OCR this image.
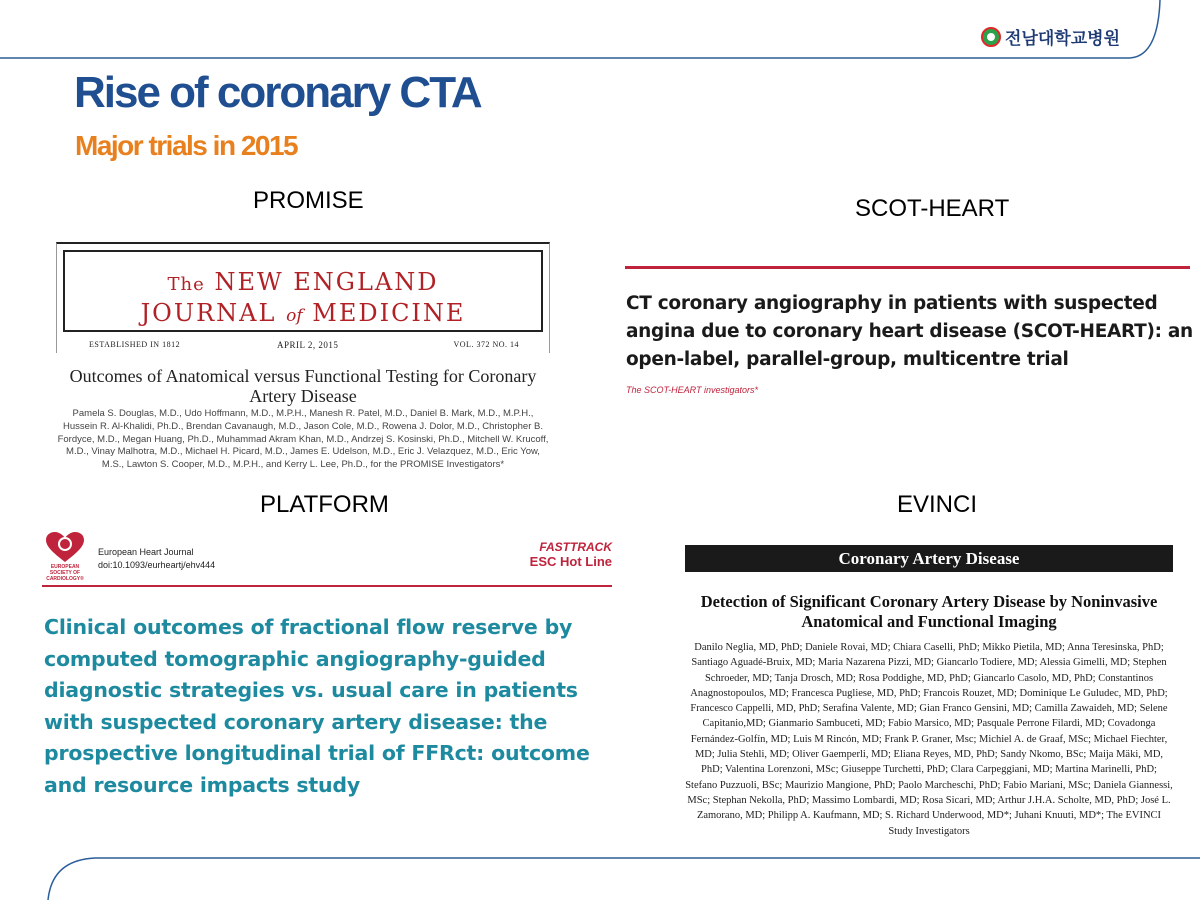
전남대학교병원
Rise of coronary CTA
Major trials in 2015
PROMISE	SCOT-HEART
PLATFORM	EVINCI
The NEW ENGLAND
JOURNAL of MEDICINE
ESTABLISHED IN 1812	APRIL 2, 2015	VOL. 372 NO. 14
Outcomes of Anatomical versus Functional Testing for Coronary Artery Disease
Pamela S. Douglas, M.D., Udo Hoffmann, M.D., M.P.H., Manesh R. Patel, M.D., Daniel B. Mark, M.D., M.P.H., Hussein R. Al-Khalidi, Ph.D., Brendan Cavanaugh, M.D., Jason Cole, M.D., Rowena J. Dolor, M.D., Christopher B. Fordyce, M.D., Megan Huang, Ph.D., Muhammad Akram Khan, M.D., Andrzej S. Kosinski, Ph.D., Mitchell W. Krucoff, M.D., Vinay Malhotra, M.D., Michael H. Picard, M.D., James E. Udelson, M.D., Eric J. Velazquez, M.D., Eric Yow, M.S., Lawton S. Cooper, M.D., M.P.H., and Kerry L. Lee, Ph.D., for the PROMISE Investigators*
CT coronary angiography in patients with suspected angina due to coronary heart disease (SCOT-HEART): an open-label, parallel-group, multicentre trial
The SCOT-HEART investigators*
EUROPEAN SOCIETY OF CARDIOLOGY®
European Heart Journal
doi:10.1093/eurheartj/ehv444
FASTTRACK
ESC Hot Line
Clinical outcomes of fractional flow reserve by computed tomographic angiography-guided diagnostic strategies vs. usual care in patients with suspected coronary artery disease: the prospective longitudinal trial of FFRct: outcome and resource impacts study
Coronary Artery Disease
Detection of Significant Coronary Artery Disease by Noninvasive Anatomical and Functional Imaging
Danilo Neglia, MD, PhD; Daniele Rovai, MD; Chiara Caselli, PhD; Mikko Pietila, MD; Anna Teresinska, PhD; Santiago Aguadé-Bruix, MD; Maria Nazarena Pizzi, MD; Giancarlo Todiere, MD; Alessia Gimelli, MD; Stephen Schroeder, MD; Tanja Drosch, MD; Rosa Poddighe, MD, PhD; Giancarlo Casolo, MD, PhD; Constantinos Anagnostopoulos, MD; Francesca Pugliese, MD, PhD; Francois Rouzet, MD; Dominique Le Guludec, MD, PhD; Francesco Cappelli, MD, PhD; Serafina Valente, MD; Gian Franco Gensini, MD; Camilla Zawaideh, MD; Selene Capitanio,MD; Gianmario Sambuceti, MD; Fabio Marsico, MD; Pasquale Perrone Filardi, MD; Covadonga Fernández-Golfín, MD; Luis M Rincón, MD; Frank P. Graner, Msc; Michiel A. de Graaf, MSc; Michael Fiechter, MD; Julia Stehli, MD; Oliver Gaemperli, MD; Eliana Reyes, MD, PhD; Sandy Nkomo, BSc; Maija Mäki, MD, PhD; Valentina Lorenzoni, MSc; Giuseppe Turchetti, PhD; Clara Carpeggiani, MD; Martina Marinelli, PhD; Stefano Puzzuoli, BSc; Maurizio Mangione, PhD; Paolo Marcheschi, PhD; Fabio Mariani, MSc; Daniela Giannessi, MSc; Stephan Nekolla, PhD; Massimo Lombardi, MD; Rosa Sicari, MD; Arthur J.H.A. Scholte, MD, PhD; José L. Zamorano, MD; Philipp A. Kaufmann, MD; S. Richard Underwood, MD*; Juhani Knuuti, MD*; The EVINCI Study Investigators
